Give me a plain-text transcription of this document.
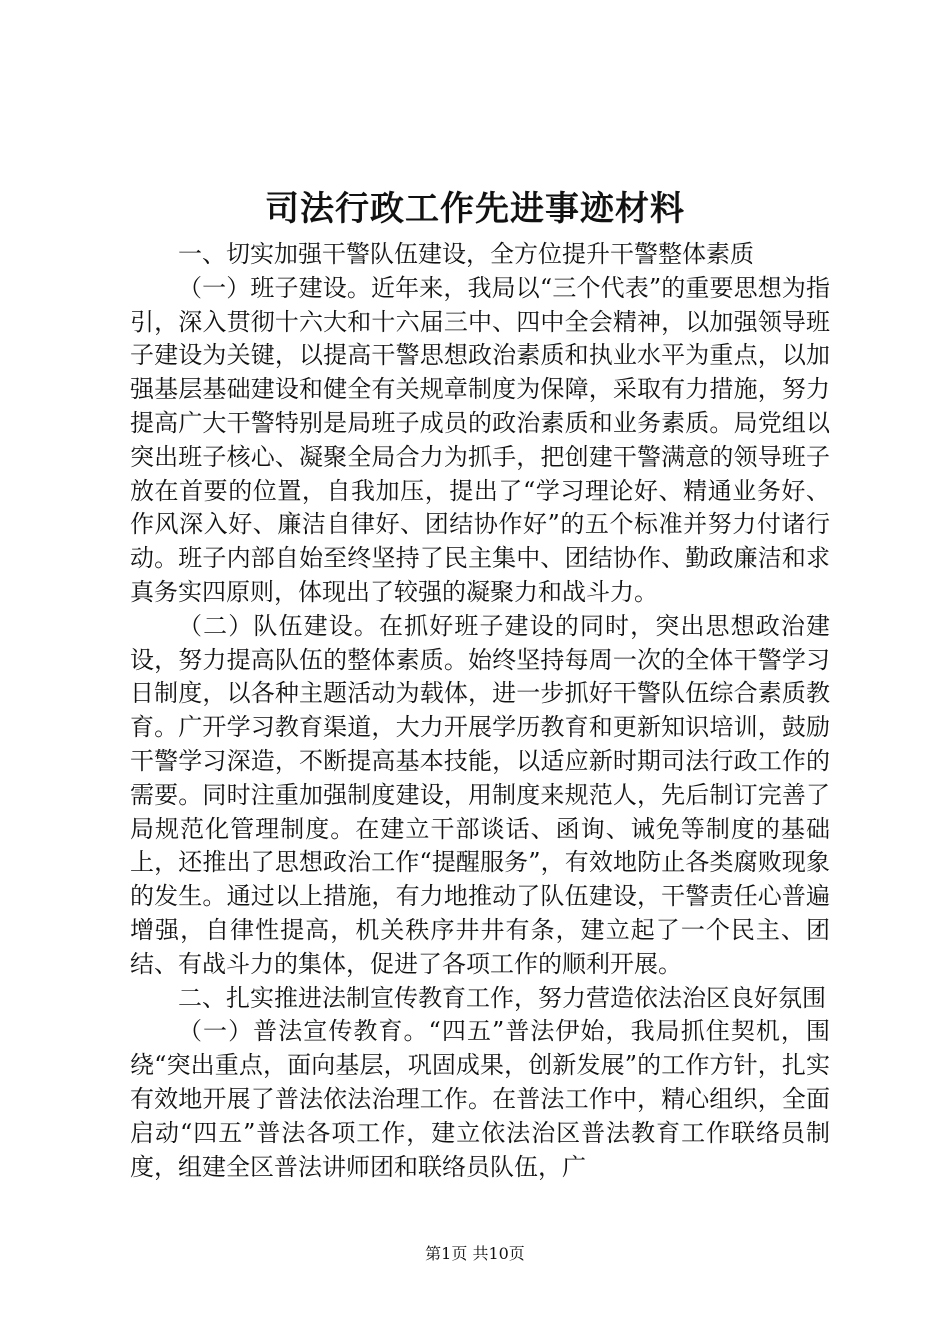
司法行政工作先进事迹材料

一、切实加强干警队伍建设，全方位提升干警整体素质

（一）班子建设。近年来，我局以“三个代表”的重要思想为指引，深入贯彻十六大和十六届三中、四中全会精神，以加强领导班子建设为关键，以提高干警思想政治素质和执业水平为重点，以加强基层基础建设和健全有关规章制度为保障，采取有力措施，努力提高广大干警特别是局班子成员的政治素质和业务素质。局党组以突出班子核心、凝聚全局合力为抓手，把创建干警满意的领导班子放在首要的位置，自我加压，提出了“学习理论好、精通业务好、作风深入好、廉洁自律好、团结协作好”的五个标准并努力付诸行动。班子内部自始至终坚持了民主集中、团结协作、勤政廉洁和求真务实四原则，体现出了较强的凝聚力和战斗力。

（二）队伍建设。在抓好班子建设的同时，突出思想政治建设，努力提高队伍的整体素质。始终坚持每周一次的全体干警学习日制度，以各种主题活动为载体，进一步抓好干警队伍综合素质教育。广开学习教育渠道，大力开展学历教育和更新知识培训，鼓励干警学习深造，不断提高基本技能，以适应新时期司法行政工作的需要。同时注重加强制度建设，用制度来规范人，先后制订完善了局规范化管理制度。在建立干部谈话、函询、诫免等制度的基础上，还推出了思想政治工作“提醒服务”，有效地防止各类腐败现象的发生。通过以上措施，有力地推动了队伍建设，干警责任心普遍增强，自律性提高，机关秩序井井有条，建立起了一个民主、团结、有战斗力的集体，促进了各项工作的顺利开展。

二、扎实推进法制宣传教育工作，努力营造依法治区良好氛围

（一）普法宣传教育。“四五”普法伊始，我局抓住契机，围绕“突出重点，面向基层，巩固成果，创新发展”的工作方针，扎实有效地开展了普法依法治理工作。在普法工作中，精心组织，全面启动“四五”普法各项工作，建立依法治区普法教育工作联络员制度，组建全区普法讲师团和联络员队伍，广

第1页 共10页
